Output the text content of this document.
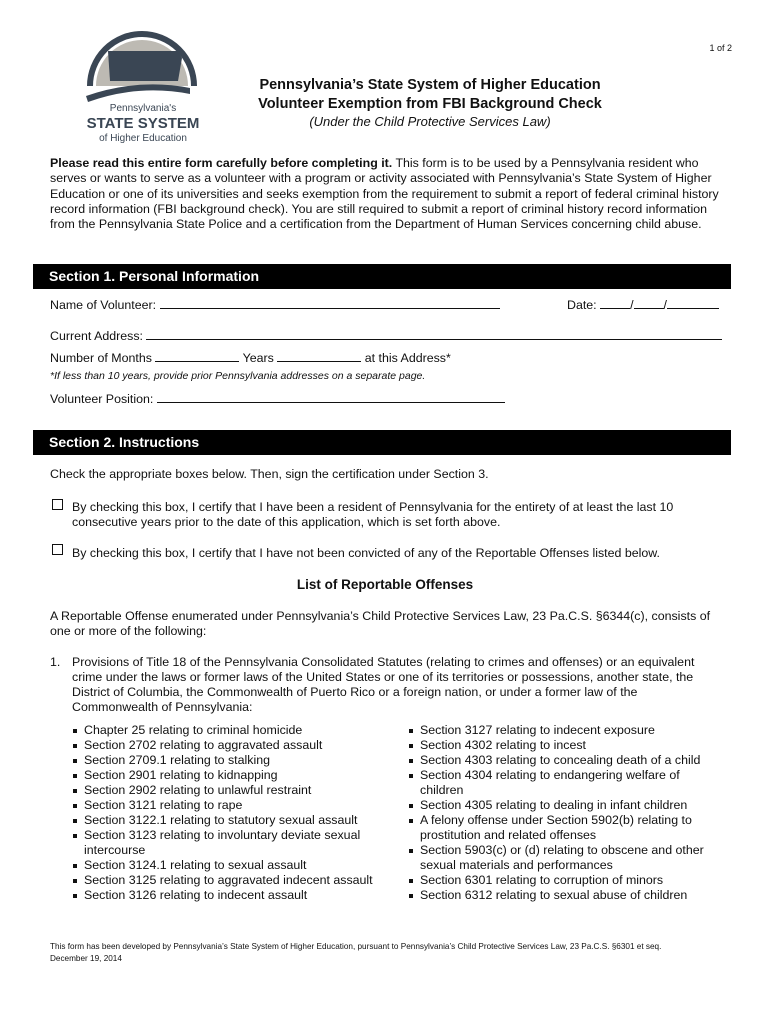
1 of 2
Pennsylvania's
STATE SYSTEM
of Higher Education
Pennsylvania’s State System of Higher Education
Volunteer Exemption from FBI Background Check
(Under the Child Protective Services Law)
Please read this entire form carefully before completing it. This form is to be used by a Pennsylvania resident who serves or wants to serve as a volunteer with a program or activity associated with Pennsylvania’s State System of Higher Education or one of its universities and seeks exemption from the requirement to submit a report of federal criminal history record information (FBI background check). You are still required to submit a report of criminal history record information from the Pennsylvania State Police and a certification from the Department of Human Services concerning child abuse.
Section 1. Personal Information
Name of Volunteer:	Date:	/ /
Current Address:
Number of Months	Years	at this Address*
*If less than 10 years, provide prior Pennsylvania addresses on a separate page.
Volunteer Position:
Section 2. Instructions
Check the appropriate boxes below. Then, sign the certification under Section 3.
By checking this box, I certify that I have been a resident of Pennsylvania for the entirety of at least the last 10 consecutive years prior to the date of this application, which is set forth above.
By checking this box, I certify that I have not been convicted of any of the Reportable Offenses listed below.
List of Reportable Offenses
A Reportable Offense enumerated under Pennsylvania’s Child Protective Services Law, 23 Pa.C.S. §6344(c), consists of one or more of the following:
1. Provisions of Title 18 of the Pennsylvania Consolidated Statutes (relating to crimes and offenses) or an equivalent crime under the laws or former laws of the United States or one of its territories or possessions, another state, the District of Columbia, the Commonwealth of Puerto Rico or a foreign nation, or under a former law of the Commonwealth of Pennsylvania:
Chapter 25 relating to criminal homicide
Section 2702 relating to aggravated assault
Section 2709.1 relating to stalking
Section 2901 relating to kidnapping
Section 2902 relating to unlawful restraint
Section 3121 relating to rape
Section 3122.1 relating to statutory sexual assault
Section 3123 relating to involuntary deviate sexual intercourse
Section 3124.1 relating to sexual assault
Section 3125 relating to aggravated indecent assault
Section 3126 relating to indecent assault
Section 3127 relating to indecent exposure
Section 4302 relating to incest
Section 4303 relating to concealing death of a child
Section 4304 relating to endangering welfare of children
Section 4305 relating to dealing in infant children
A felony offense under Section 5902(b) relating to prostitution and related offenses
Section 5903(c) or (d) relating to obscene and other sexual materials and performances
Section 6301 relating to corruption of minors
Section 6312 relating to sexual abuse of children
This form has been developed by Pennsylvania’s State System of Higher Education, pursuant to Pennsylvania’s Child Protective Services Law, 23 Pa.C.S. §6301 et seq.
December 19, 2014
